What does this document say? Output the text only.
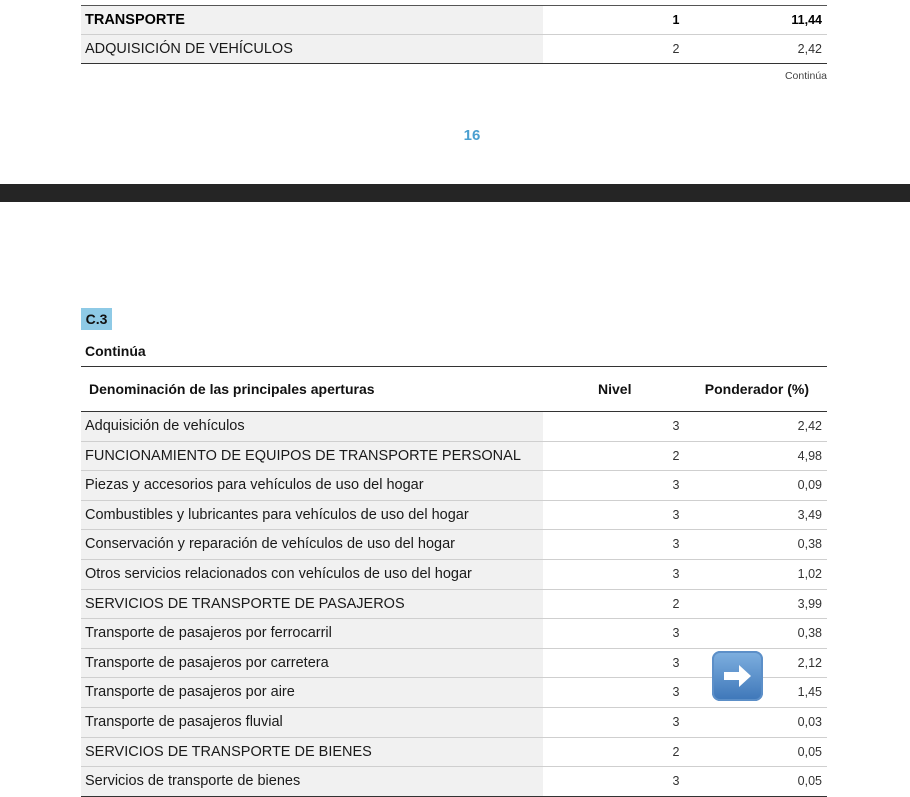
TRANSPORTE	1	11,44
ADQUISICIÓN DE VEHÍCULOS	2	2,42
Continúa
16
C.3
Continúa
Denominación de las principales aperturas	Nivel	Ponderador (%)
Adquisición de vehículos	3	2,42
FUNCIONAMIENTO DE EQUIPOS DE TRANSPORTE PERSONAL	2	4,98
Piezas y accesorios para vehículos de uso del hogar	3	0,09
Combustibles y lubricantes para vehículos de uso del hogar	3	3,49
Conservación y reparación de vehículos de uso del hogar	3	0,38
Otros servicios relacionados con vehículos de uso del hogar	3	1,02
SERVICIOS DE TRANSPORTE DE PASAJEROS	2	3,99
Transporte de pasajeros por ferrocarril	3	0,38
Transporte de pasajeros por carretera	3	2,12
Transporte de pasajeros por aire	3	1,45
Transporte de pasajeros fluvial	3	0,03
SERVICIOS DE TRANSPORTE DE BIENES	2	0,05
Servicios de transporte de bienes	3	0,05
